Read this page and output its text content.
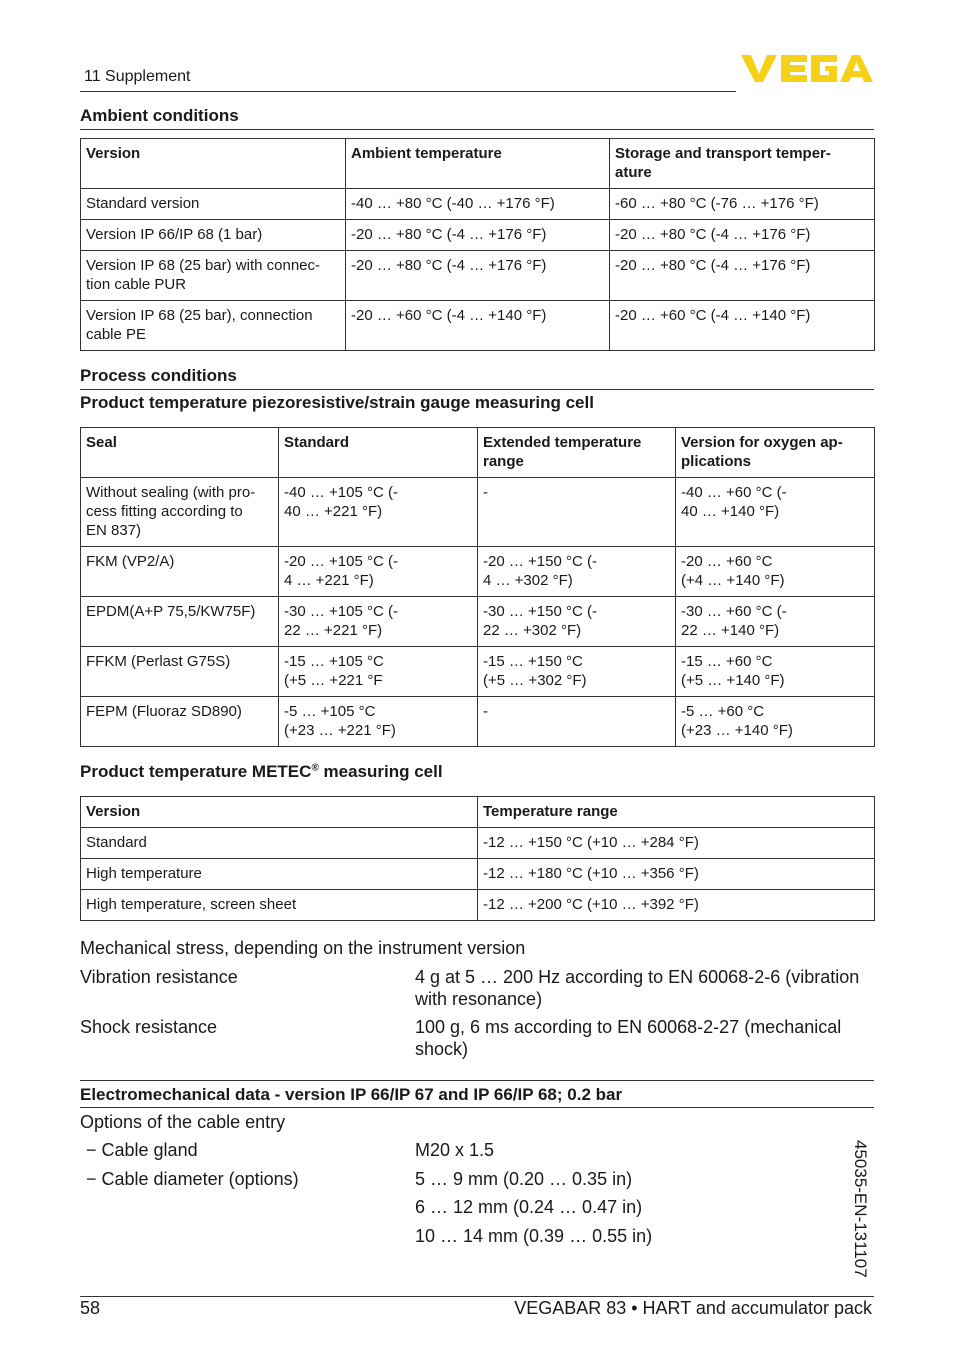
11 Supplement
VEGA
Ambient conditions
Version	Ambient temperature	Storage and transport temper-
ature
Standard version	-40 … +80 °C (-40 … +176 °F)	-60 … +80 °C (-76 … +176 °F)
Version IP 66/IP 68 (1 bar)	-20 … +80 °C (-4 … +176 °F)	-20 … +80 °C (-4 … +176 °F)
Version IP 68 (25 bar) with connec-
tion cable PUR	-20 … +80 °C (-4 … +176 °F)	-20 … +80 °C (-4 … +176 °F)
Version IP 68 (25 bar), connection
cable PE	-20 … +60 °C (-4 … +140 °F)	-20 … +60 °C (-4 … +140 °F)
Process conditions
Product temperature piezoresistive/strain gauge measuring cell
Seal	Standard	Extended temperature
range	Version for oxygen ap-
plications
Without sealing (with pro-
cess fitting according to
EN 837)	-40 … +105 °C (-
40 … +221 °F)	-	-40 … +60 °C (-
40 … +140 °F)
FKM (VP2/A)	-20 … +105 °C (-
4 … +221 °F)	-20 … +150 °C (-
4 … +302 °F)	-20 … +60 °C
(+4 … +140 °F)
EPDM(A+P 75,5/KW75F)	-30 … +105 °C (-
22 … +221 °F)	-30 … +150 °C (-
22 … +302 °F)	-30 … +60 °C (-
22 … +140 °F)
FFKM (Perlast G75S)	-15 … +105 °C
(+5 … +221 °F	-15 … +150 °C
(+5 … +302 °F)	-15 … +60 °C
(+5 … +140 °F)
FEPM (Fluoraz SD890)	-5 … +105 °C
(+23 … +221 °F)	-	-5 … +60 °C
(+23 … +140 °F)
Product temperature METEC® measuring cell
Version	Temperature range
Standard	-12 … +150 °C (+10 … +284 °F)
High temperature	-12 … +180 °C (+10 … +356 °F)
High temperature, screen sheet	-12 … +200 °C (+10 … +392 °F)
Mechanical stress, depending on the instrument version
Vibration resistance	4 g at 5 … 200 Hz according to EN 60068-2-6 (vibration with resonance)
Shock resistance	100 g, 6 ms according to EN 60068-2-27 (mechanical shock)
Electromechanical data - version IP 66/IP 67 and IP 66/IP 68; 0.2 bar
Options of the cable entry
− Cable gland	M20 x 1.5
− Cable diameter (options)	5 … 9 mm (0.20 … 0.35 in)
6 … 12 mm (0.24 … 0.47 in)
10 … 14 mm (0.39 … 0.55 in)	45035-EN-131107
58	VEGABAR 83 • HART and accumulator pack
